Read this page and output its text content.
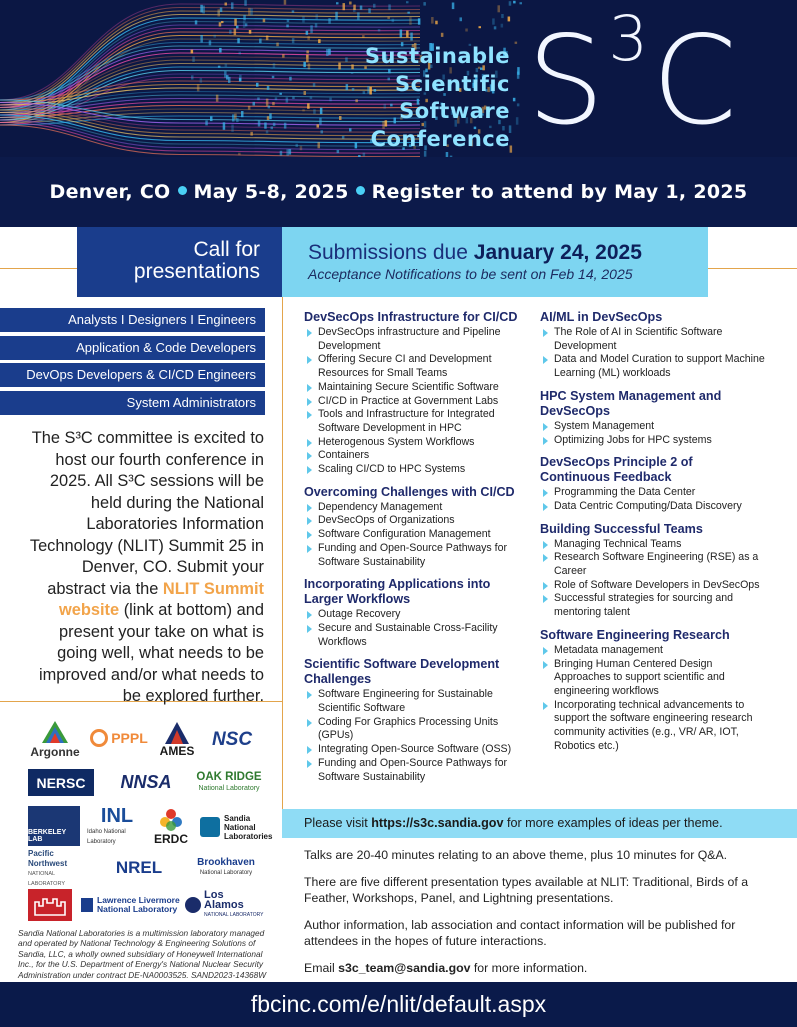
Sustainable
Scientific
Software
Conference $S^3C$
Denver, CO May 5-8, 2025 Register to attend by May 1, 2025
Call for
presentations
Submissions due January 24, 2025
Acceptance Notifications to be sent on Feb 14, 2025
Analysts I Designers I Engineers
Application & Code Developers
DevOps Developers & CI/CD Engineers
System Administrators
The S³C committee is excited to host our fourth conference in 2025. All S³C sessions will be held during the National Laboratories Information Technology (NLIT) Summit 25 in Denver, CO. Submit your abstract via the NLIT Summit website (link at bottom) and present your take on what is going well, what needs to be improved and/or what needs to be explored further.
Argonne
PPPL
AMES
NSC
NERSC NNSA OAK RIDGE
National Laboratory
BERKELEY LAB
INL
Idaho National Laboratory	ERDC
Sandia National Laboratories
Pacific Northwest
NATIONAL LABORATORY
NREL	Brookhaven
National Laboratory
Lawrence Livermore National Laboratory
Los Alamos
NATIONAL LABORATORY
Sandia National Laboratories is a multimission laboratory managed and operated by National Technology & Engineering Solutions of Sandia, LLC, a wholly owned subsidiary of Honeywell International Inc., for the U.S. Department of Energy's National Nuclear Security Administration under contract DE-NA0003525. SAND2023-14368W
DevSecOps Infrastructure for CI/CD
DevSecOps infrastructure and Pipeline Development
Offering Secure CI and Development Resources for Small Teams
Maintaining Secure Scientific Software
CI/CD in Practice at Government Labs
Tools and Infrastructure for Integrated Software Development in HPC
Heterogenous System Workflows
Containers
Scaling CI/CD to HPC Systems
Overcoming Challenges with CI/CD
Dependency Management
DevSecOps of Organizations
Software Configuration Management
Funding and Open-Source Pathways for Software Sustainability
Incorporating Applications into Larger Workflows
Outage Recovery
Secure and Sustainable Cross-Facility Workflows
Scientific Software Development Challenges
Software Engineering for Sustainable Scientific Software
Coding For Graphics Processing Units (GPUs)
Integrating Open-Source Software (OSS)
Funding and Open-Source Pathways for Software Sustainability
AI/ML in DevSecOps
The Role of AI in Scientific Software Development
Data and Model Curation to support Machine Learning (ML) workloads
HPC System Management and DevSecOps
System Management
Optimizing Jobs for HPC systems
DevSecOps Principle 2 of Continuous Feedback
Programming the Data Center
Data Centric Computing/Data Discovery
Building Successful Teams
Managing Technical Teams
Research Software Engineering (RSE) as a Career
Role of Software Developers in DevSecOps
Successful strategies for sourcing and mentoring talent
Software Engineering Research
Metadata management
Bringing Human Centered Design Approaches to support scientific and engineering workflows
Incorporating technical advancements to support the software engineering research community activities (e.g., VR/ AR, IOT, Robotics etc.)
Please visit https://s3c.sandia.gov for more examples of ideas per theme.
Talks are 20-40 minutes relating to an above theme, plus 10 minutes for Q&A.
There are five different presentation types available at NLIT: Traditional, Birds of a Feather, Workshops, Panel, and Lightning presentations.
Author information, lab association and contact information will be published for attendees in the hopes of future interactions.
Email s3c_team@sandia.gov for more information.
fbcinc.com/e/nlit/default.aspx
